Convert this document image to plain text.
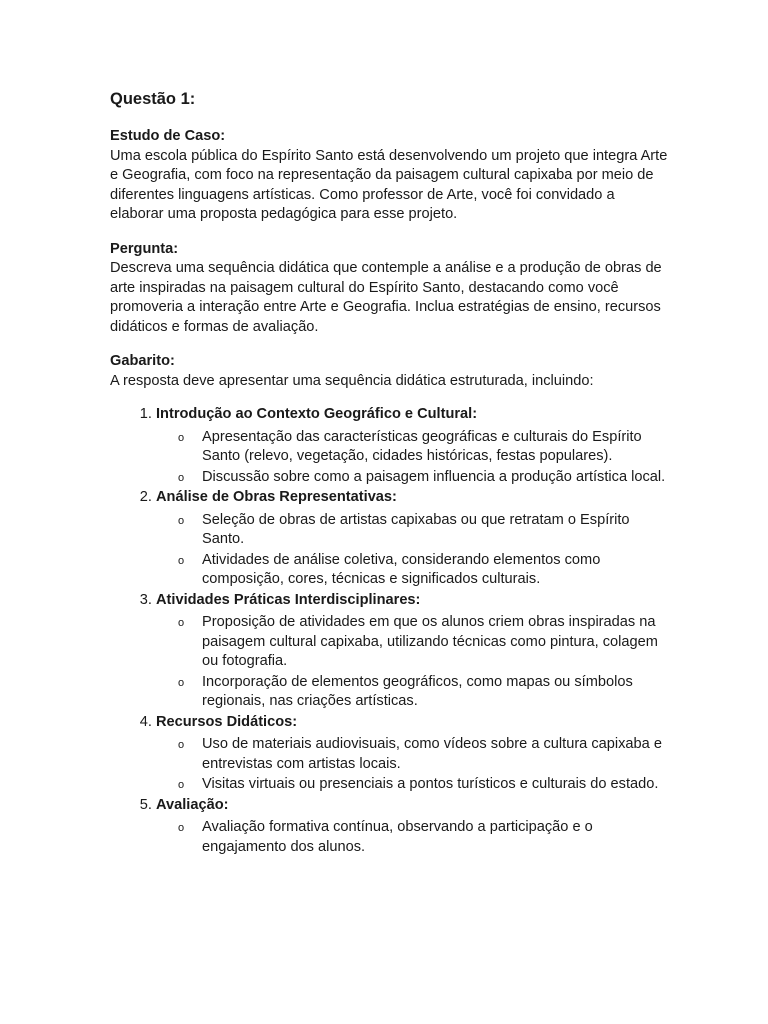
Questão 1:
Estudo de Caso:
Uma escola pública do Espírito Santo está desenvolvendo um projeto que integra Arte e Geografia, com foco na representação da paisagem cultural capixaba por meio de diferentes linguagens artísticas. Como professor de Arte, você foi convidado a elaborar uma proposta pedagógica para esse projeto.
Pergunta:
Descreva uma sequência didática que contemple a análise e a produção de obras de arte inspiradas na paisagem cultural do Espírito Santo, destacando como você promoveria a interação entre Arte e Geografia. Inclua estratégias de ensino, recursos didáticos e formas de avaliação.
Gabarito:
A resposta deve apresentar uma sequência didática estruturada, incluindo:
1. Introdução ao Contexto Geográfico e Cultural:
o Apresentação das características geográficas e culturais do Espírito Santo (relevo, vegetação, cidades históricas, festas populares).
o Discussão sobre como a paisagem influencia a produção artística local.
2. Análise de Obras Representativas:
o Seleção de obras de artistas capixabas ou que retratam o Espírito Santo.
o Atividades de análise coletiva, considerando elementos como composição, cores, técnicas e significados culturais.
3. Atividades Práticas Interdisciplinares:
o Proposição de atividades em que os alunos criem obras inspiradas na paisagem cultural capixaba, utilizando técnicas como pintura, colagem ou fotografia.
o Incorporação de elementos geográficos, como mapas ou símbolos regionais, nas criações artísticas.
4. Recursos Didáticos:
o Uso de materiais audiovisuais, como vídeos sobre a cultura capixaba e entrevistas com artistas locais.
o Visitas virtuais ou presenciais a pontos turísticos e culturais do estado.
5. Avaliação:
o Avaliação formativa contínua, observando a participação e o engajamento dos alunos.
